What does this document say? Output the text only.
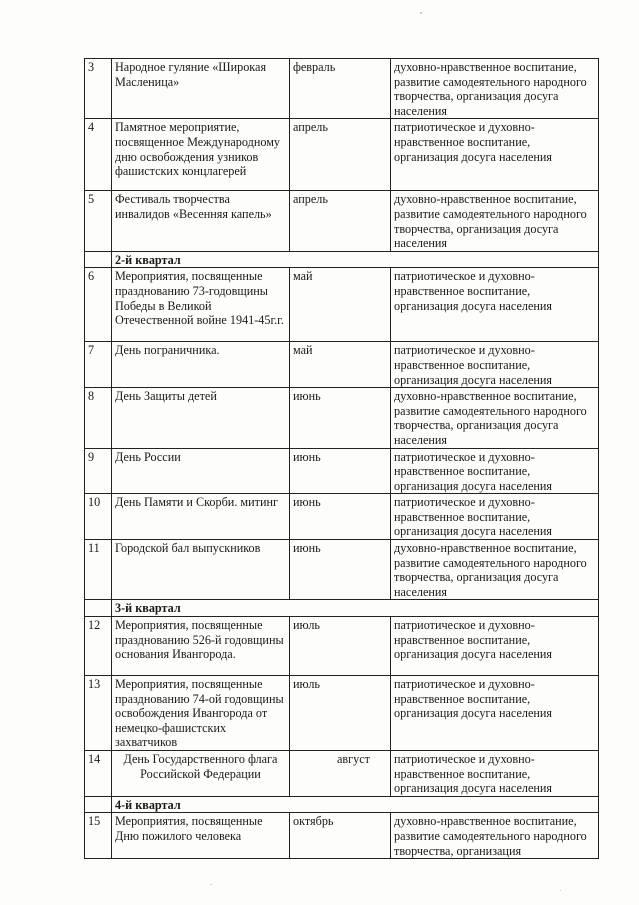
3	Народное гуляние «Широкая Масленица»	февраль	духовно-нравственное воспитание, развитие самодеятельного народного творчества, организация досуга населения
4	Памятное мероприятие, посвященное Международному дню освобождения узников фашистских концлагерей	апрель	патриотическое и духовно-нравственное воспитание, организация досуга населения
5	Фестиваль творчества инвалидов «Весенняя капель»	апрель	духовно-нравственное воспитание, развитие самодеятельного народного творчества, организация досуга населения
	2-й квартал		
6	Мероприятия, посвященные празднованию 73-годовщины Победы в Великой Отечественной войне 1941-45г.г.	май	патриотическое и духовно-нравственное воспитание, организация досуга населения
7	День пограничника.	май	патриотическое и духовно-нравственное воспитание, организация досуга населения
8	День Защиты детей	июнь	духовно-нравственное воспитание, развитие самодеятельного народного творчества, организация досуга населения
9	День России	июнь	патриотическое и духовно-нравственное воспитание, организация досуга населения
10	День Памяти и Скорби. митинг	июнь	патриотическое и духовно-нравственное воспитание, организация досуга населения
11	Городской бал выпускников	июнь	духовно-нравственное воспитание, развитие самодеятельного народного творчества, организация досуга населения
	3-й квартал		
12	Мероприятия, посвященные празднованию 526-й годовщины основания Ивангорода.	июль	патриотическое и духовно-нравственное воспитание, организация досуга населения
13	Мероприятия, посвященные празднованию 74-ой годовщины освобождения Ивангорода от немецко-фашистских захватчиков	июль	патриотическое и духовно-нравственное воспитание, организация досуга населения
14	День Государственного флага Российской Федерации	август	патриотическое и духовно-нравственное воспитание, организация досуга населения
	4-й квартал		
15	Мероприятия, посвященные Дню пожилого человека	октябрь	духовно-нравственное воспитание, развитие самодеятельного народного творчества, организация
